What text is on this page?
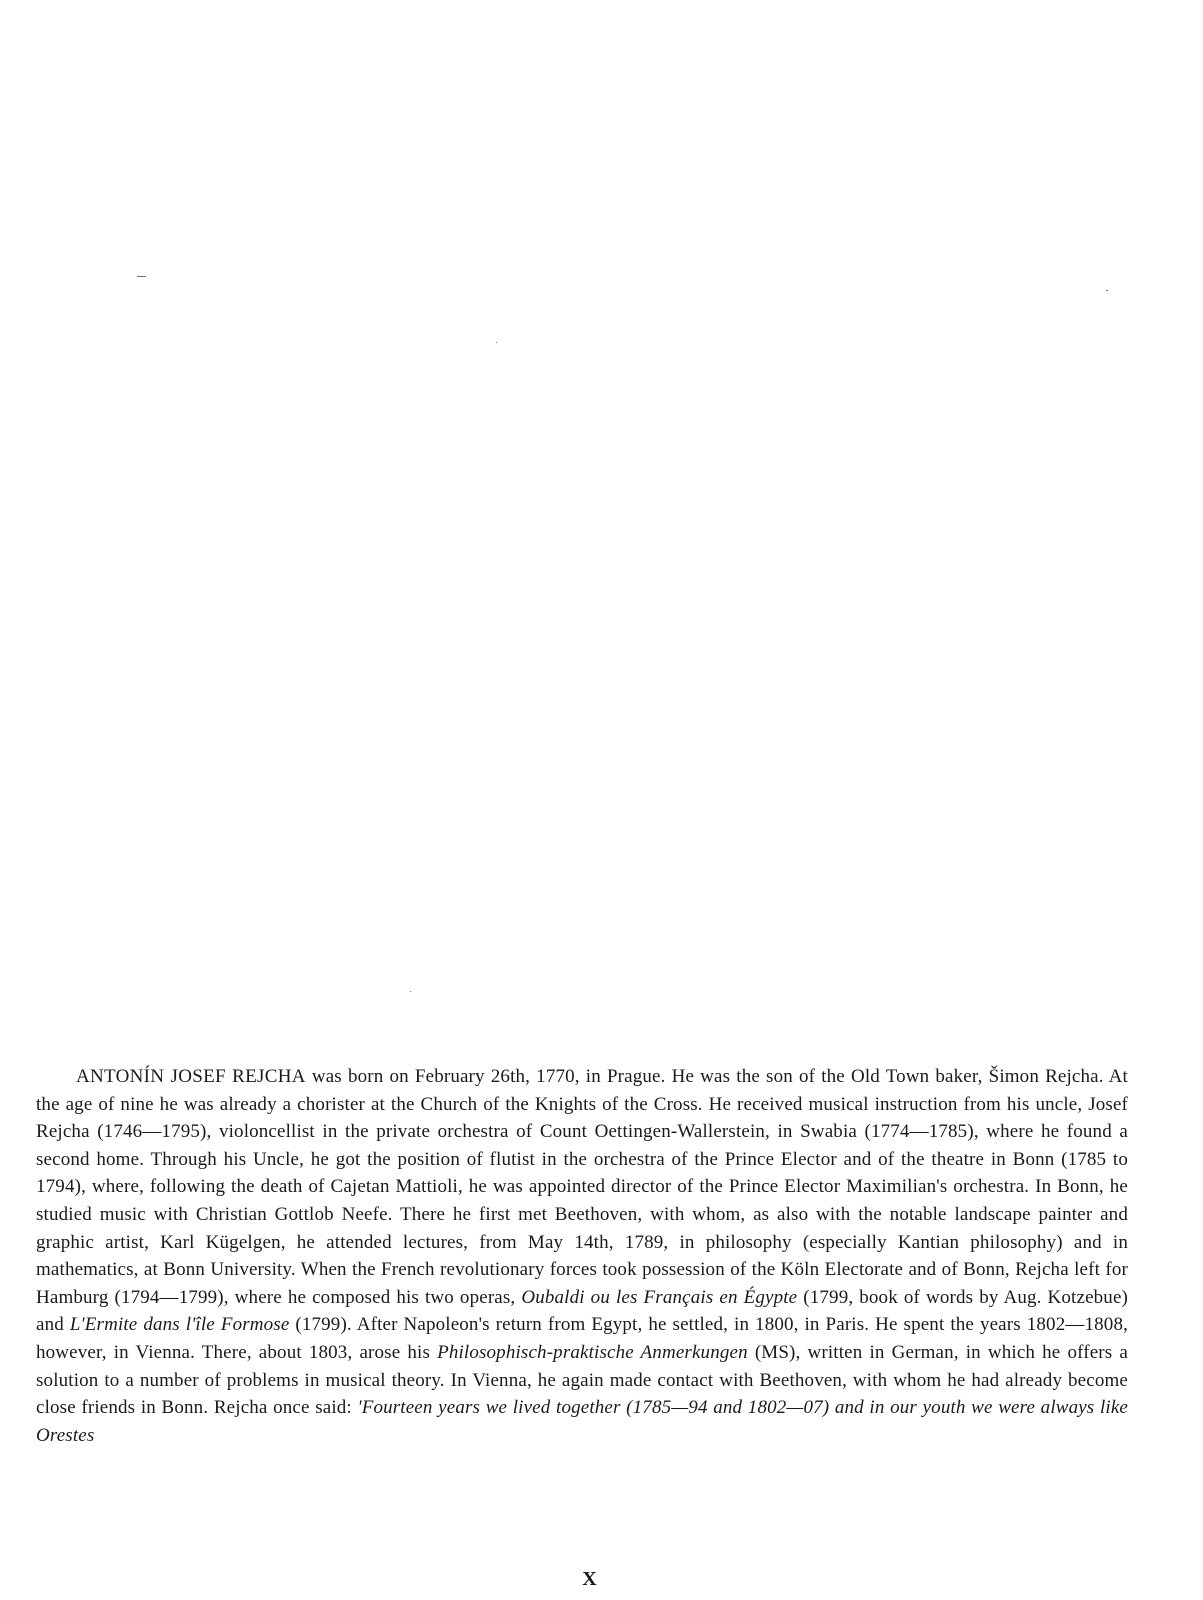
ANTONÍN JOSEF REJCHA was born on February 26th, 1770, in Prague. He was the son of the Old Town baker, Šimon Rejcha. At the age of nine he was already a chorister at the Church of the Knights of the Cross. He received musical instruction from his uncle, Josef Rejcha (1746—1795), violoncellist in the private orchestra of Count Oettingen-Wallerstein, in Swabia (1774—1785), where he found a second home. Through his Uncle, he got the position of flutist in the orchestra of the Prince Elector and of the theatre in Bonn (1785 to 1794), where, following the death of Cajetan Mattioli, he was appointed director of the Prince Elector Maximilian's orchestra. In Bonn, he studied music with Christian Gottlob Neefe. There he first met Beethoven, with whom, as also with the notable landscape painter and graphic artist, Karl Kügelgen, he attended lectures, from May 14th, 1789, in philosophy (especially Kantian philosophy) and in mathematics, at Bonn University. When the French revolutionary forces took possession of the Köln Electorate and of Bonn, Rejcha left for Hamburg (1794—1799), where he composed his two operas, Oubaldi ou les Français en Égypte (1799, book of words by Aug. Kotzebue) and L'Ermite dans l'île Formose (1799). After Napoleon's return from Egypt, he settled, in 1800, in Paris. He spent the years 1802—1808, however, in Vienna. There, about 1803, arose his Philosophisch-praktische Anmerkungen (MS), written in German, in which he offers a solution to a number of problems in musical theory. In Vienna, he again made contact with Beethoven, with whom he had already become close friends in Bonn. Rejcha once said: 'Fourteen years we lived together (1785—94 and 1802—07) and in our youth we were always like Orestes

X
